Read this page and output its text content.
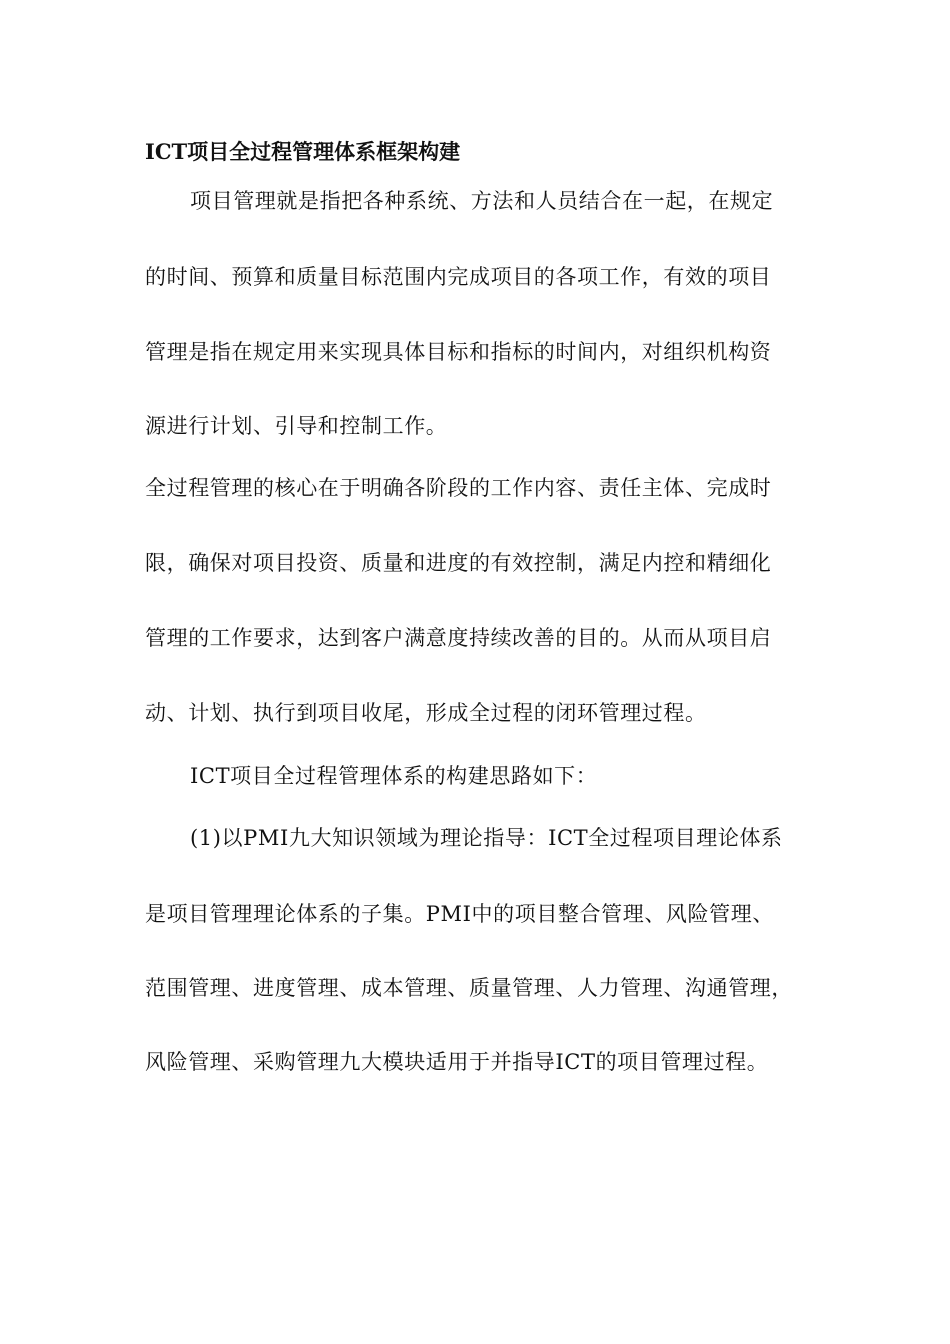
ICT项目全过程管理体系框架构建
项目管理就是指把各种系统、方法和人员结合在一起，在规定
的时间、预算和质量目标范围内完成项目的各项工作，有效的项目
管理是指在规定用来实现具体目标和指标的时间内，对组织机构资
源进行计划、引导和控制工作。
全过程管理的核心在于明确各阶段的工作内容、责任主体、完成时
限，确保对项目投资、质量和进度的有效控制，满足内控和精细化
管理的工作要求，达到客户满意度持续改善的目的。从而从项目启
动、计划、执行到项目收尾，形成全过程的闭环管理过程。
ICT项目全过程管理体系的构建思路如下：
(1)以PMI九大知识领域为理论指导：ICT全过程项目理论体系
是项目管理理论体系的子集。PMI中的项目整合管理、风险管理、
范围管理、进度管理、成本管理、质量管理、人力管理、沟通管理，
风险管理、采购管理九大模块适用于并指导ICT的项目管理过程。
